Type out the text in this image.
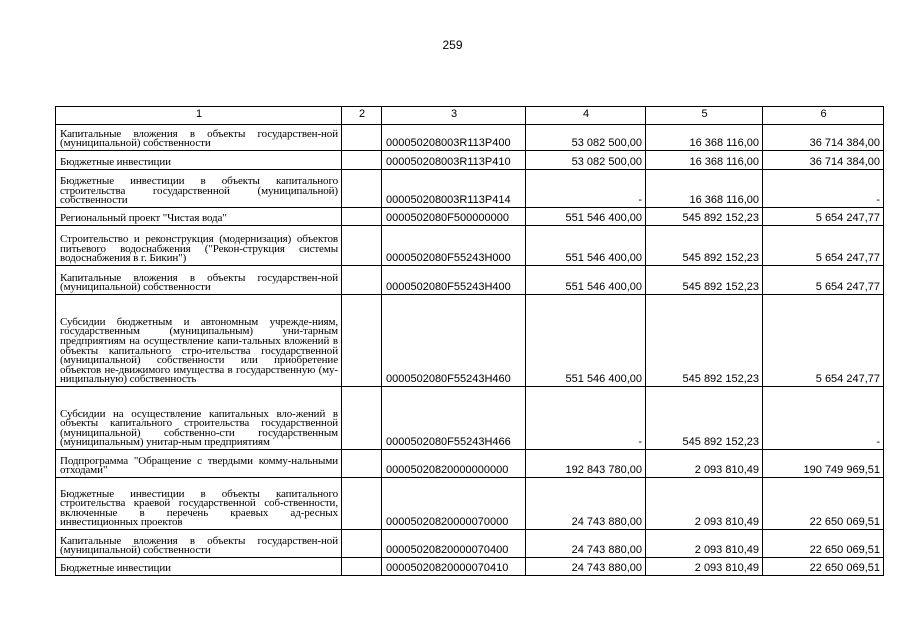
259
1	2	3	4	5	6
Капитальные вложения в объекты государствен-ной (муниципальной) собственности		000050208003R113P400	53 082 500,00	16 368 116,00	36 714 384,00
Бюджетные инвестиции		000050208003R113P410	53 082 500,00	16 368 116,00	36 714 384,00
Бюджетные инвестиции в объекты капитального строительства государственной (муниципальной) собственности		000050208003R113P414	-	16 368 116,00	-
Региональный проект "Чистая вода"		0000502080F500000000	551 546 400,00	545 892 152,23	5 654 247,77
Строительство и реконструкция (модернизация) объектов питьевого водоснабжения ("Рекон-струкция системы водоснабжения в г. Бикин")		0000502080F55243H000	551 546 400,00	545 892 152,23	5 654 247,77
Капитальные вложения в объекты государствен-ной (муниципальной) собственности		0000502080F55243H400	551 546 400,00	545 892 152,23	5 654 247,77
Субсидии бюджетным и автономным учрежде-ниям, государственным (муниципальным) уни-тарным предприятиям на осуществление капи-тальных вложений в объекты капитального стро-ительства государственной (муниципальной) собственности или приобретение объектов не-движимого имущества в государственную (му-ниципальную) собственность		0000502080F55243H460	551 546 400,00	545 892 152,23	5 654 247,77
Субсидии на осуществление капитальных вло-жений в объекты капитального строительства государственной (муниципальной) собственно-сти государственным (муниципальным) унитар-ным предприятиям		0000502080F55243H466	-	545 892 152,23	-
Подпрограмма "Обращение с твердыми комму-нальными отходами"		00005020820000000000	192 843 780,00	2 093 810,49	190 749 969,51
Бюджетные инвестиции в объекты капитального строительства краевой государственной соб-ственности, включенные в перечень краевых ад-ресных инвестиционных проектов		00005020820000070000	24 743 880,00	2 093 810,49	22 650 069,51
Капитальные вложения в объекты государствен-ной (муниципальной) собственности		00005020820000070400	24 743 880,00	2 093 810,49	22 650 069,51
Бюджетные инвестиции		00005020820000070410	24 743 880,00	2 093 810,49	22 650 069,51
